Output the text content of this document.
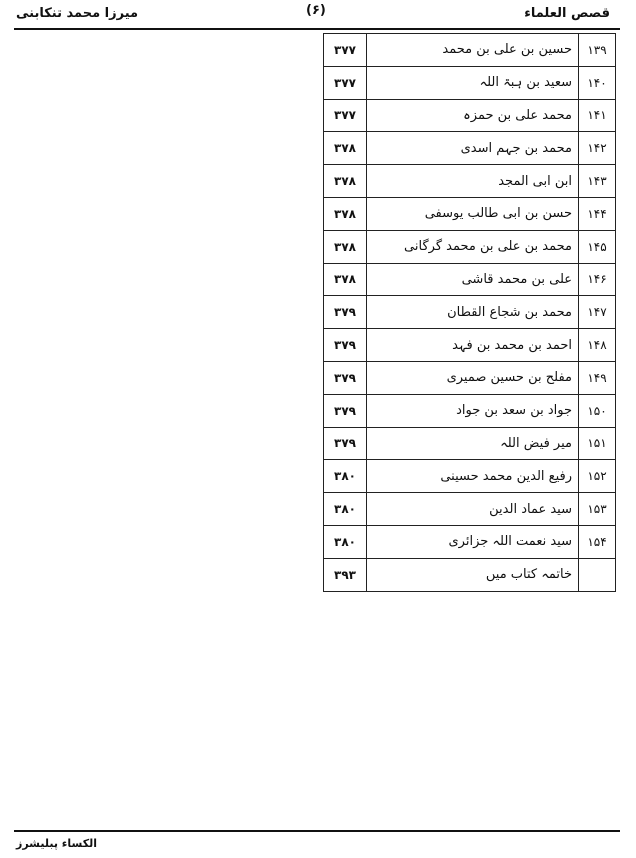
میرزا محمد تنکابنی	(۶)	قصص العلماء
۳۷۷	حسین بن علی بن محمد	۱۳۹
۳۷۷	سعید بن ہبۃ اللہ	۱۴۰
۳۷۷	محمد علی بن حمزہ	۱۴۱
۳۷۸	محمد بن جہم اسدی	۱۴۲
۳۷۸	ابن ابی المجد	۱۴۳
۳۷۸	حسن بن ابی طالب یوسفی	۱۴۴
۳۷۸	محمد بن علی بن محمد گرگانی	۱۴۵
۳۷۸	علی بن محمد قاشی	۱۴۶
۳۷۹	محمد بن شجاع القطان	۱۴۷
۳۷۹	احمد بن محمد بن فہد	۱۴۸
۳۷۹	مفلح بن حسین صمیری	۱۴۹
۳۷۹	جواد بن سعد بن جواد	۱۵۰
۳۷۹	میر فیض اللہ	۱۵۱
۳۸۰	رفیع الدین محمد حسینی	۱۵۲
۳۸۰	سید عماد الدین	۱۵۳
۳۸۰	سید نعمت اللہ جزائری	۱۵۴
۳۹۳	خاتمہ کتاب میں	
الکساء پبلیشرز
